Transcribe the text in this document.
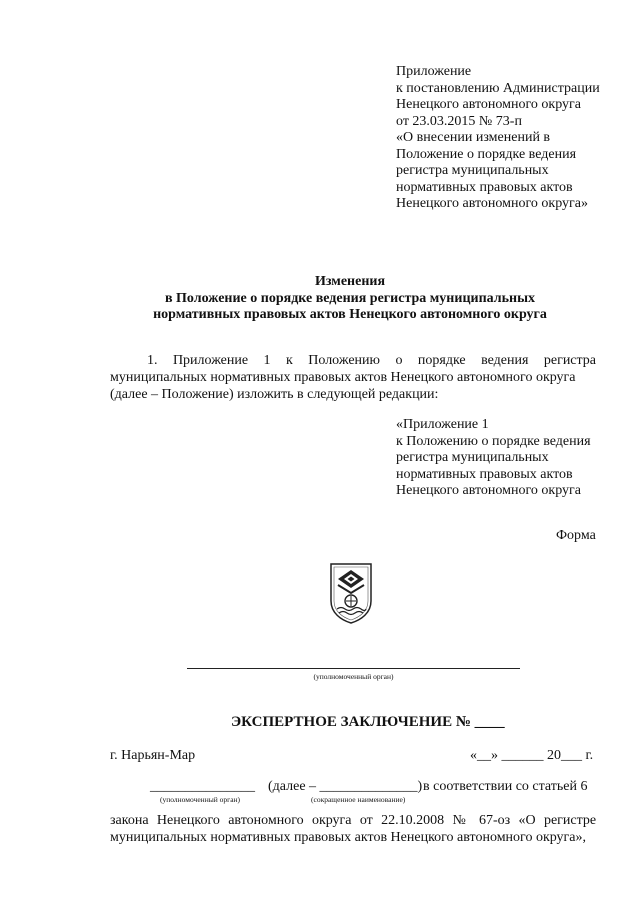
Приложение
к постановлению Администрации
Ненецкого автономного округа
от 23.03.2015 № 73-п
«О внесении изменений в
Положение о порядке ведения
регистра муниципальных
нормативных правовых актов
Ненецкого автономного округа»
Изменения
в Положение о порядке ведения регистра муниципальных
нормативных правовых актов Ненецкого автономного округа
1. Приложение 1 к Положению о порядке ведения регистра
муниципальных нормативных правовых актов Ненецкого автономного округа
(далее – Положение) изложить в следующей редакции:
«Приложение 1
к Положению о порядке ведения
регистра муниципальных
нормативных правовых актов
Ненецкого автономного округа
Форма
(уполномоченный орган)
ЭКСПЕРТНОЕ ЗАКЛЮЧЕНИЕ № ____
г. Нарьян-Мар	«__» ______ 20___ г.
_______________ (далее – ______________) в соответствии со статьей 6
(уполномоченный орган)	(сокращенное наименование)
закона Ненецкого автономного округа от 22.10.2008 № 67-оз «О регистре
муниципальных нормативных правовых актов Ненецкого автономного округа»,
